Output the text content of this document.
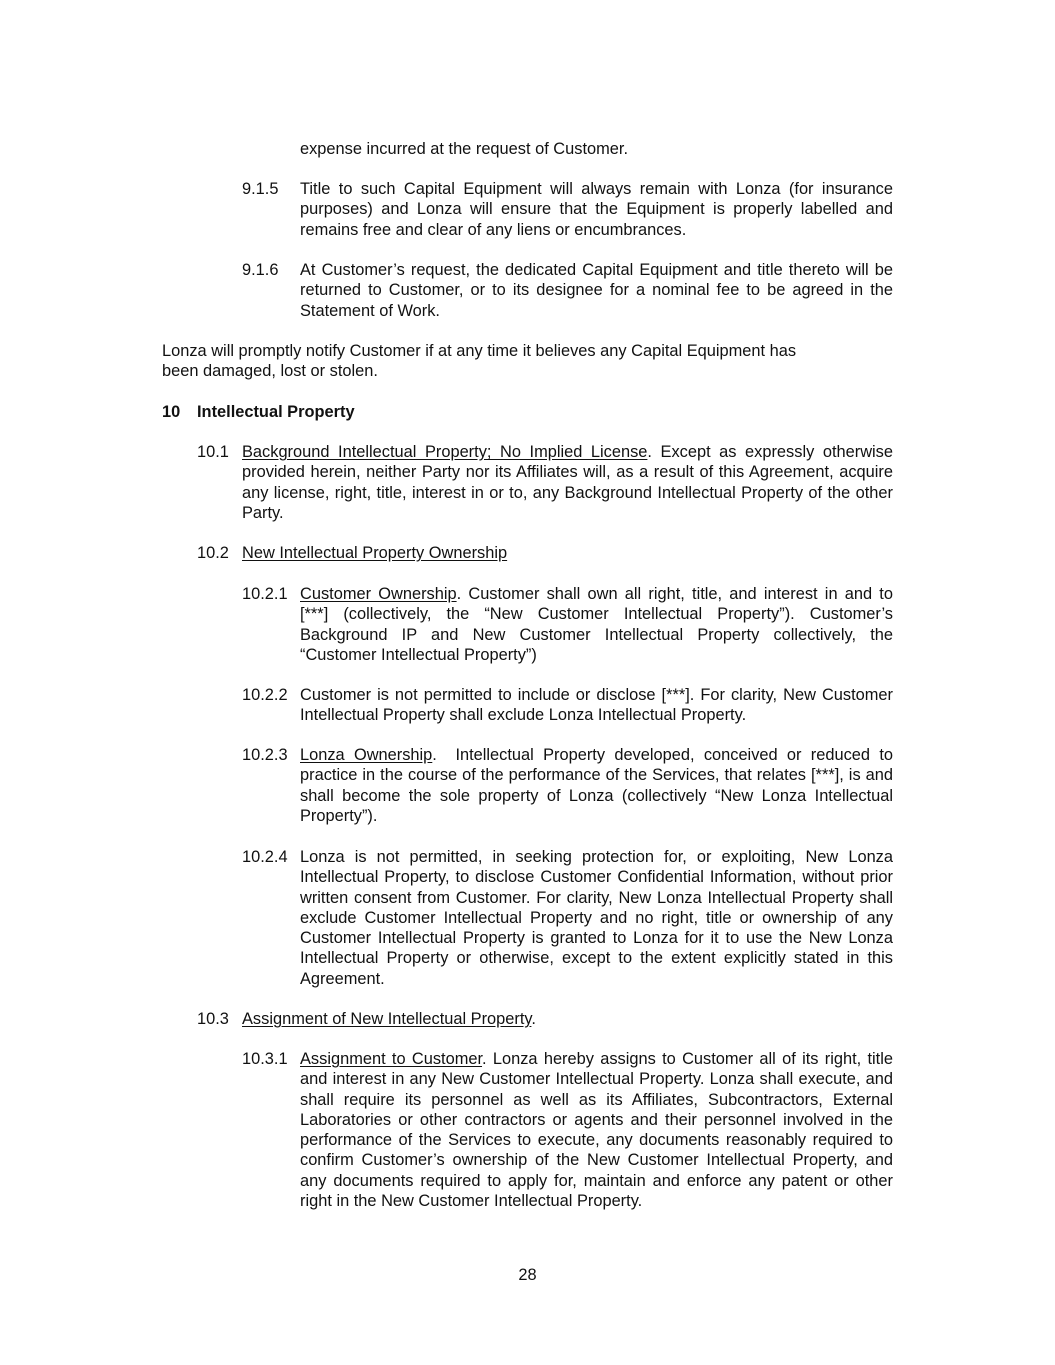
expense incurred at the request of Customer.

9.1.5 Title to such Capital Equipment will always remain with Lonza (for insurance purposes) and Lonza will ensure that the Equipment is properly labelled and remains free and clear of any liens or encumbrances.

9.1.6 At Customer’s request, the dedicated Capital Equipment and title thereto will be returned to Customer, or to its designee for a nominal fee to be agreed in the Statement of Work.

Lonza will promptly notify Customer if at any time it believes any Capital Equipment has
been damaged, lost or stolen.

10 Intellectual Property
10.1 Background Intellectual Property; No Implied License. Except as expressly otherwise provided herein, neither Party nor its Affiliates will, as a result of this Agreement, acquire any license, right, title, interest in or to, any Background Intellectual Property of the other Party.

10.2 New Intellectual Property Ownership

10.2.1 Customer Ownership. Customer shall own all right, title, and interest in and to [***] (collectively, the “New Customer Intellectual Property”). Customer’s Background IP and New Customer Intellectual Property collectively, the “Customer Intellectual Property”)

10.2.2 Customer is not permitted to include or disclose [***]. For clarity, New Customer Intellectual Property shall exclude Lonza Intellectual Property.

10.2.3 Lonza Ownership.  Intellectual Property developed, conceived or reduced to practice in the course of the performance of the Services, that relates [***], is and shall become the sole property of Lonza (collectively “New Lonza Intellectual Property”).

10.2.4 Lonza is not permitted, in seeking protection for, or exploiting, New Lonza Intellectual Property, to disclose Customer Confidential Information, without prior written consent from Customer. For clarity, New Lonza Intellectual Property shall exclude Customer Intellectual Property and no right, title or ownership of any Customer Intellectual Property is granted to Lonza for it to use the New Lonza Intellectual Property or otherwise, except to the extent explicitly stated in this Agreement.

10.3 Assignment of New Intellectual Property.

10.3.1 Assignment to Customer. Lonza hereby assigns to Customer all of its right, title and interest in any New Customer Intellectual Property. Lonza shall execute, and shall require its personnel as well as its Affiliates, Subcontractors, External Laboratories or other contractors or agents and their personnel involved in the performance of the Services to execute, any documents reasonably required to confirm Customer’s ownership of the New Customer Intellectual Property, and any documents required to apply for, maintain and enforce any patent or other right in the New Customer Intellectual Property.

28
